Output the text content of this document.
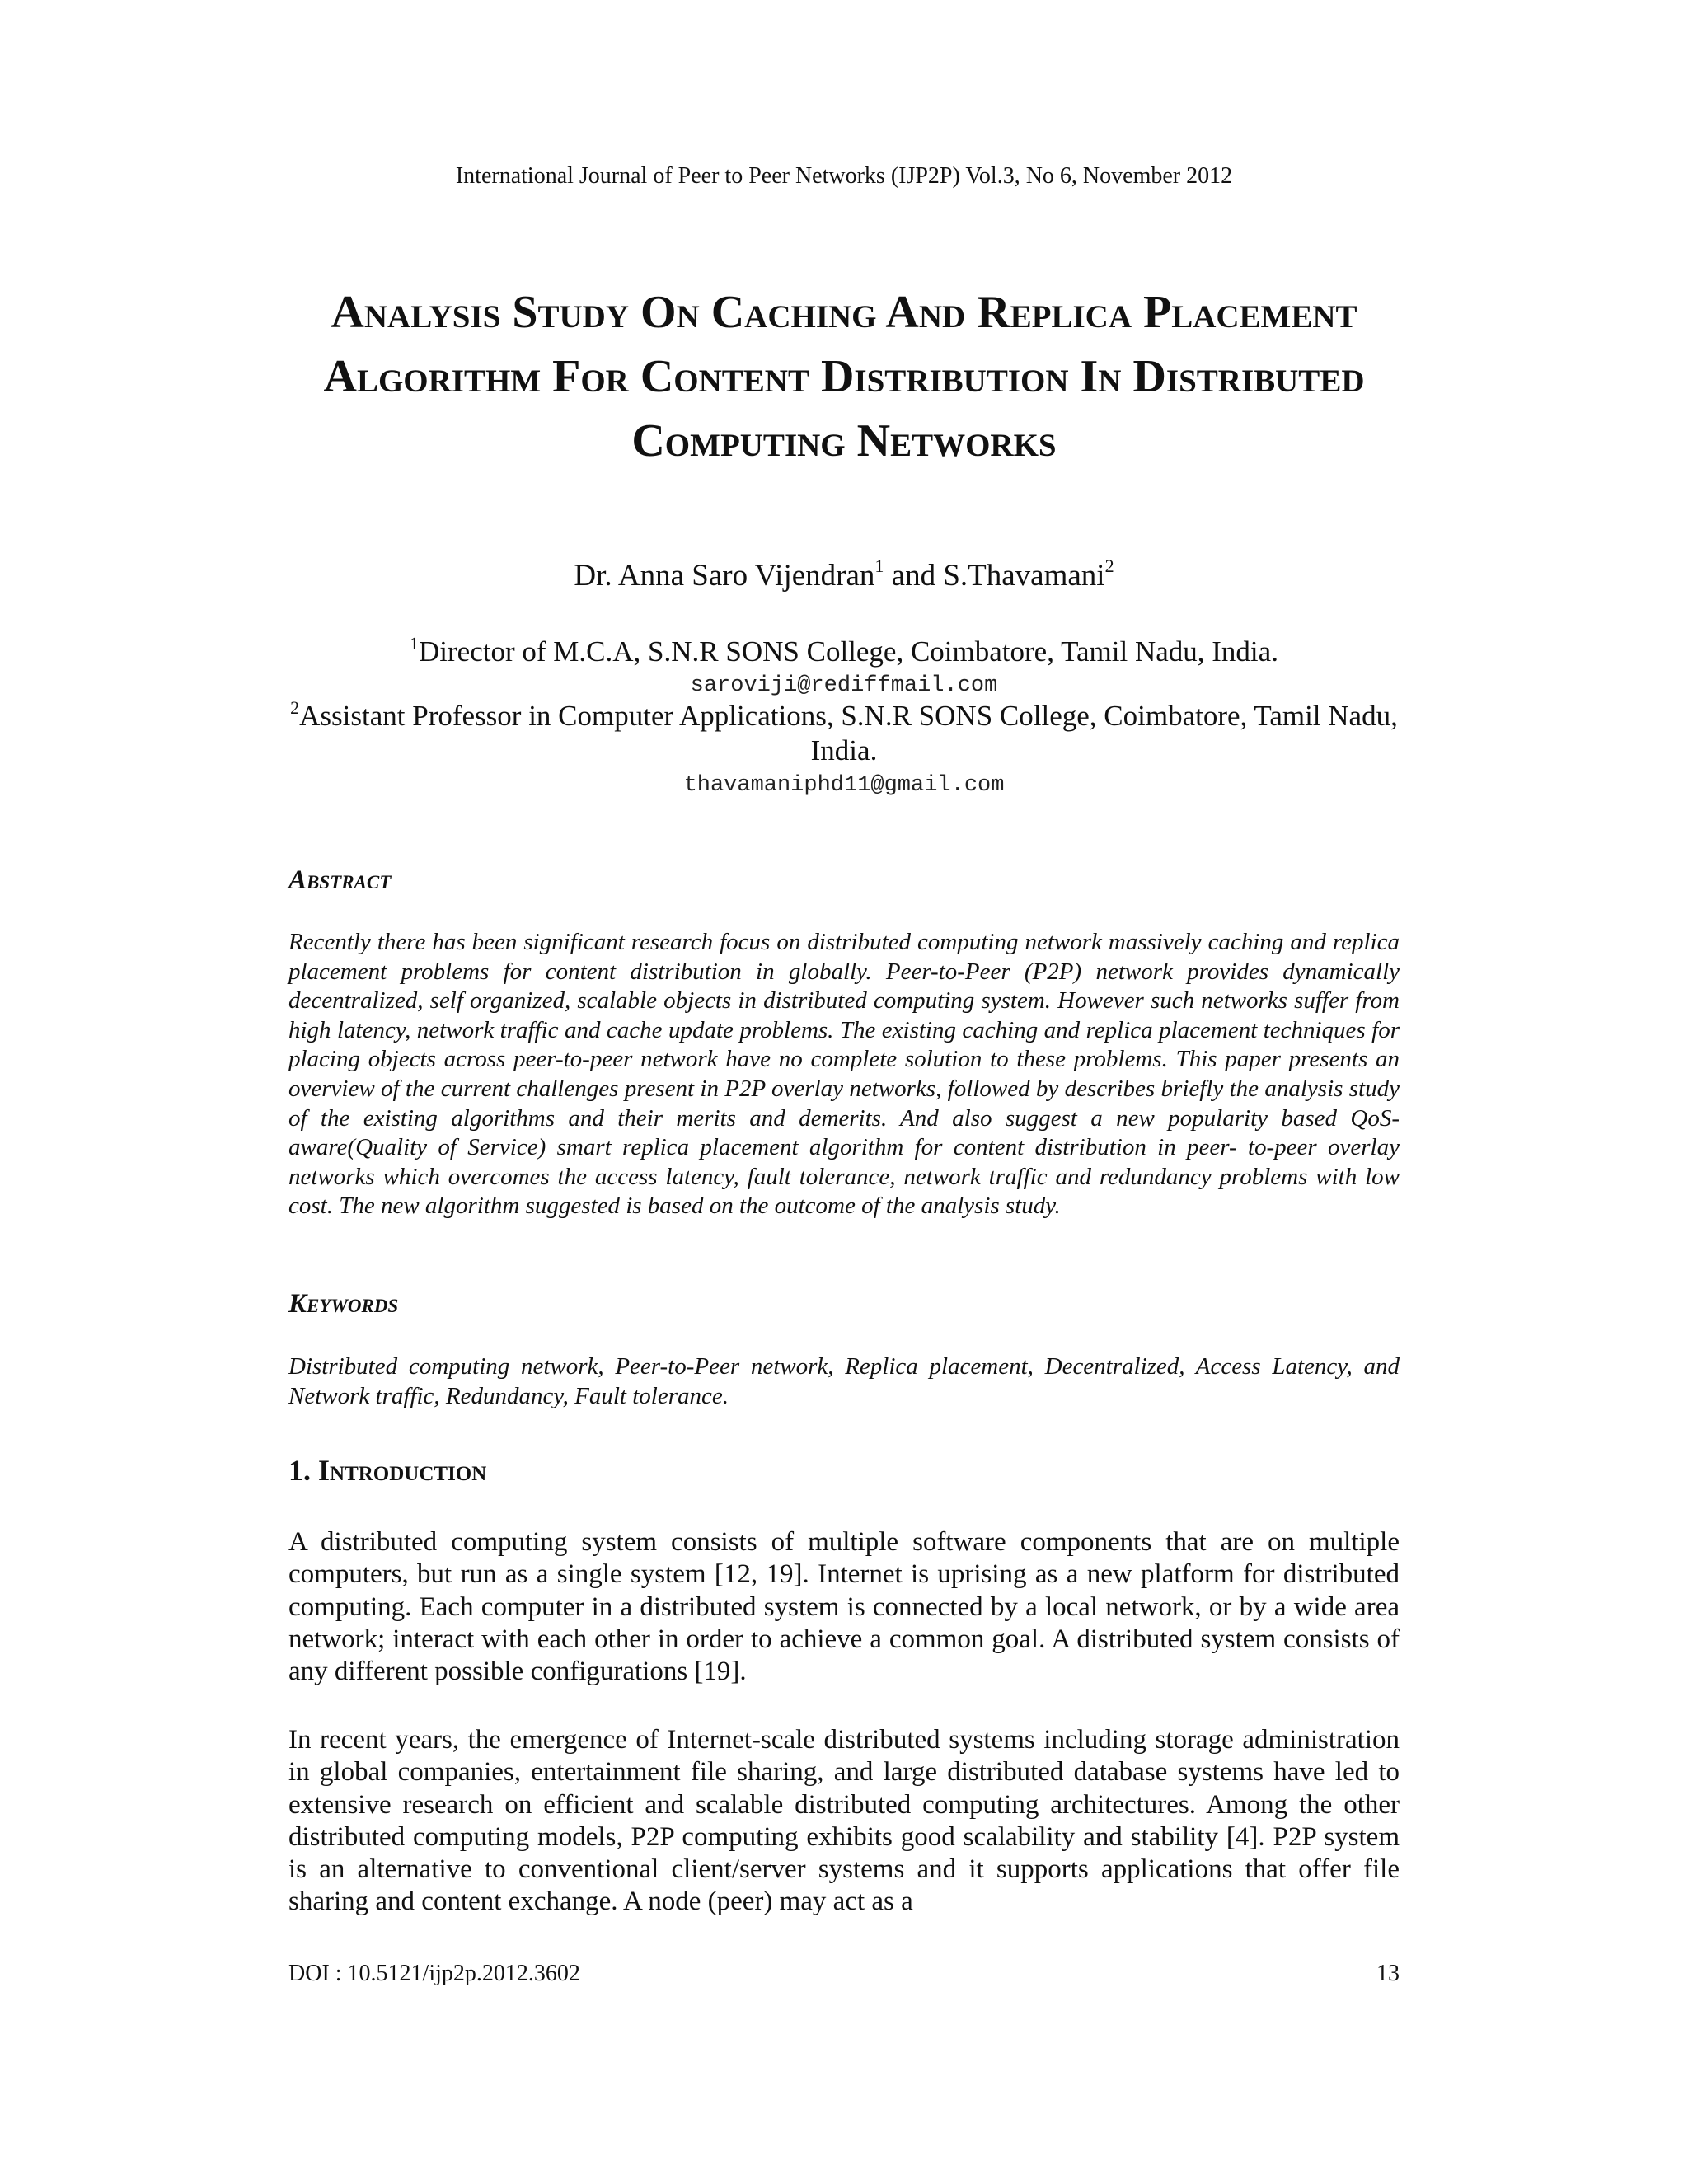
International Journal of Peer to Peer Networks (IJP2P) Vol.3, No 6, November 2012
Analysis Study On Caching And Replica Placement Algorithm For Content Distribution In Distributed Computing Networks
Dr. Anna Saro Vijendran$^1$ and S.Thavamani$^2$
$^1$Director of M.C.A, S.N.R SONS College, Coimbatore, Tamil Nadu, India.
saroviji@rediffmail.com
$^2$Assistant Professor in Computer Applications, S.N.R SONS College, Coimbatore, Tamil Nadu, India.
thavamaniphd11@gmail.com
Abstract
Recently there has been significant research focus on distributed computing network massively caching and replica placement problems for content distribution in globally. Peer-to-Peer (P2P) network provides dynamically decentralized, self organized, scalable objects in distributed computing system. However such networks suffer from high latency, network traffic and cache update problems. The existing caching and replica placement techniques for placing objects across peer-to-peer network have no complete solution to these problems. This paper presents an overview of the current challenges present in P2P overlay networks, followed by describes briefly the analysis study of the existing algorithms and their merits and demerits. And also suggest a new popularity based QoS-aware(Quality of Service) smart replica placement algorithm for content distribution in peer- to-peer overlay networks which overcomes the access latency, fault tolerance, network traffic and redundancy problems with low cost. The new algorithm suggested is based on the outcome of the analysis study.
Keywords
Distributed computing network, Peer-to-Peer network, Replica placement, Decentralized, Access Latency, and Network traffic, Redundancy, Fault tolerance.
1. Introduction
A distributed computing system consists of multiple software components that are on multiple computers, but run as a single system [12, 19]. Internet is uprising as a new platform for distributed computing. Each computer in a distributed system is connected by a local network, or by a wide area network; interact with each other in order to achieve a common goal. A distributed system consists of any different possible configurations [19].
In recent years, the emergence of Internet-scale distributed systems including storage administration in global companies, entertainment file sharing, and large distributed database systems have led to extensive research on efficient and scalable distributed computing architectures. Among the other distributed computing models, P2P computing exhibits good scalability and stability [4]. P2P system is an alternative to conventional client/server systems and it supports applications that offer file sharing and content exchange. A node (peer) may act as a
DOI : 10.5121/ijp2p.2012.3602	13
